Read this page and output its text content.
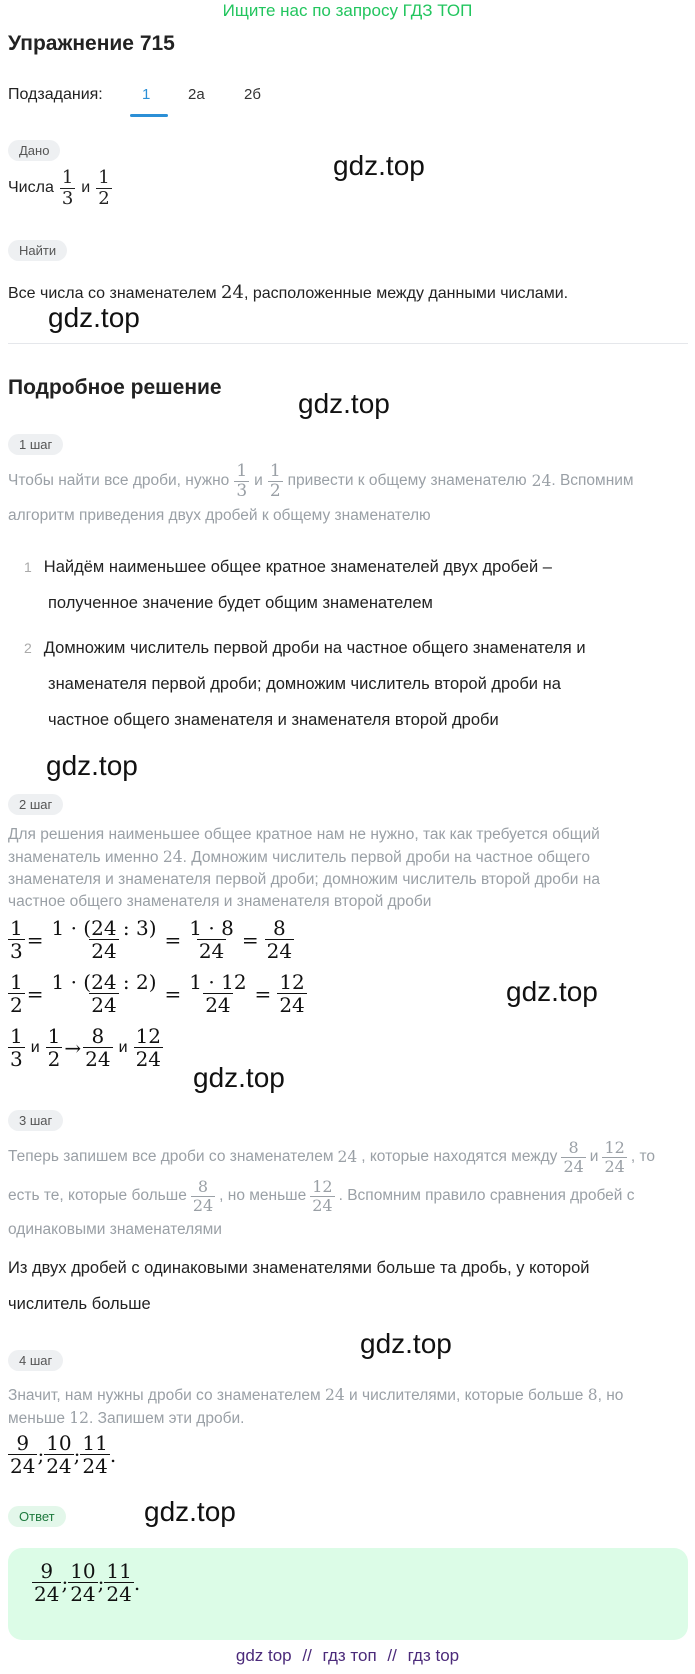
Ищите нас по запросу ГДЗ ТОП
Упражнение 715
Подзадания:	1	2а	2б
Дано	gdz.top
Числа $\frac{1}{3}$ и $\frac{1}{2}$
Найти
Все числа со знаменателем 24, расположенные между данными числами.
gdz.top
Подробное решение
gdz.top
1 шаг
Чтобы найти все дроби, нужно $\frac{1}{3}$ и $\frac{1}{2}$ привести к общему знаменателю 24 . Вспомним
алгоритм приведения двух дробей к общему знаменателю
1 Найдём наименьшее общее кратное знаменателей двух дробей –
полученное значение будет общим знаменателем
2 Домножим числитель первой дроби на частное общего знаменателя и
знаменателя первой дроби; домножим числитель второй дроби на
частное общего знаменателя и знаменателя второй дроби
gdz.top
2 шаг
Для решения наименьшее общее кратное нам не нужно, так как требуется общий
знаменатель именно 24. Домножим числитель первой дроби на частное общего
знаменателя и знаменателя первой дроби; домножим числитель второй дроби на
частное общего знаменателя и знаменателя второй дроби
$\frac{1}{3} = \frac{1 \cdot (24 : 3)}{24} = \frac{1 \cdot 8}{24} = \frac{8}{24}$
$\frac{1}{2} = \frac{1 \cdot (24 : 2)}{24} = \frac{1 \cdot 12}{24} = \frac{12}{24}$	gdz.top
$\frac{1}{3}$ и $\frac{1}{2} \to \frac{8}{24}$ и $\frac{12}{24}$
gdz.top
3 шаг
Теперь запишем все дроби со знаменателем 24 , которые находятся между $\frac{8}{24}$ и $\frac{12}{24}$ , то
есть те, которые больше $\frac{8}{24}$ , но меньше $\frac{12}{24}$ . Вспомним правило сравнения дробей с
одинаковыми знаменателями
Из двух дробей с одинаковыми знаменателями больше та дробь, у которой
числитель больше
gdz.top
4 шаг
Значит, нам нужны дроби со знаменателем 24 и числителями, которые больше 8, но
меньше 12. Запишем эти дроби.
$\frac{9}{24}$ ; $\frac{10}{24}$ ; $\frac{11}{24}$ .
Ответ	gdz.top
$\frac{9}{24}$ ; $\frac{10}{24}$ ; $\frac{11}{24}$ .
gdz top // гдз топ // гдз top
